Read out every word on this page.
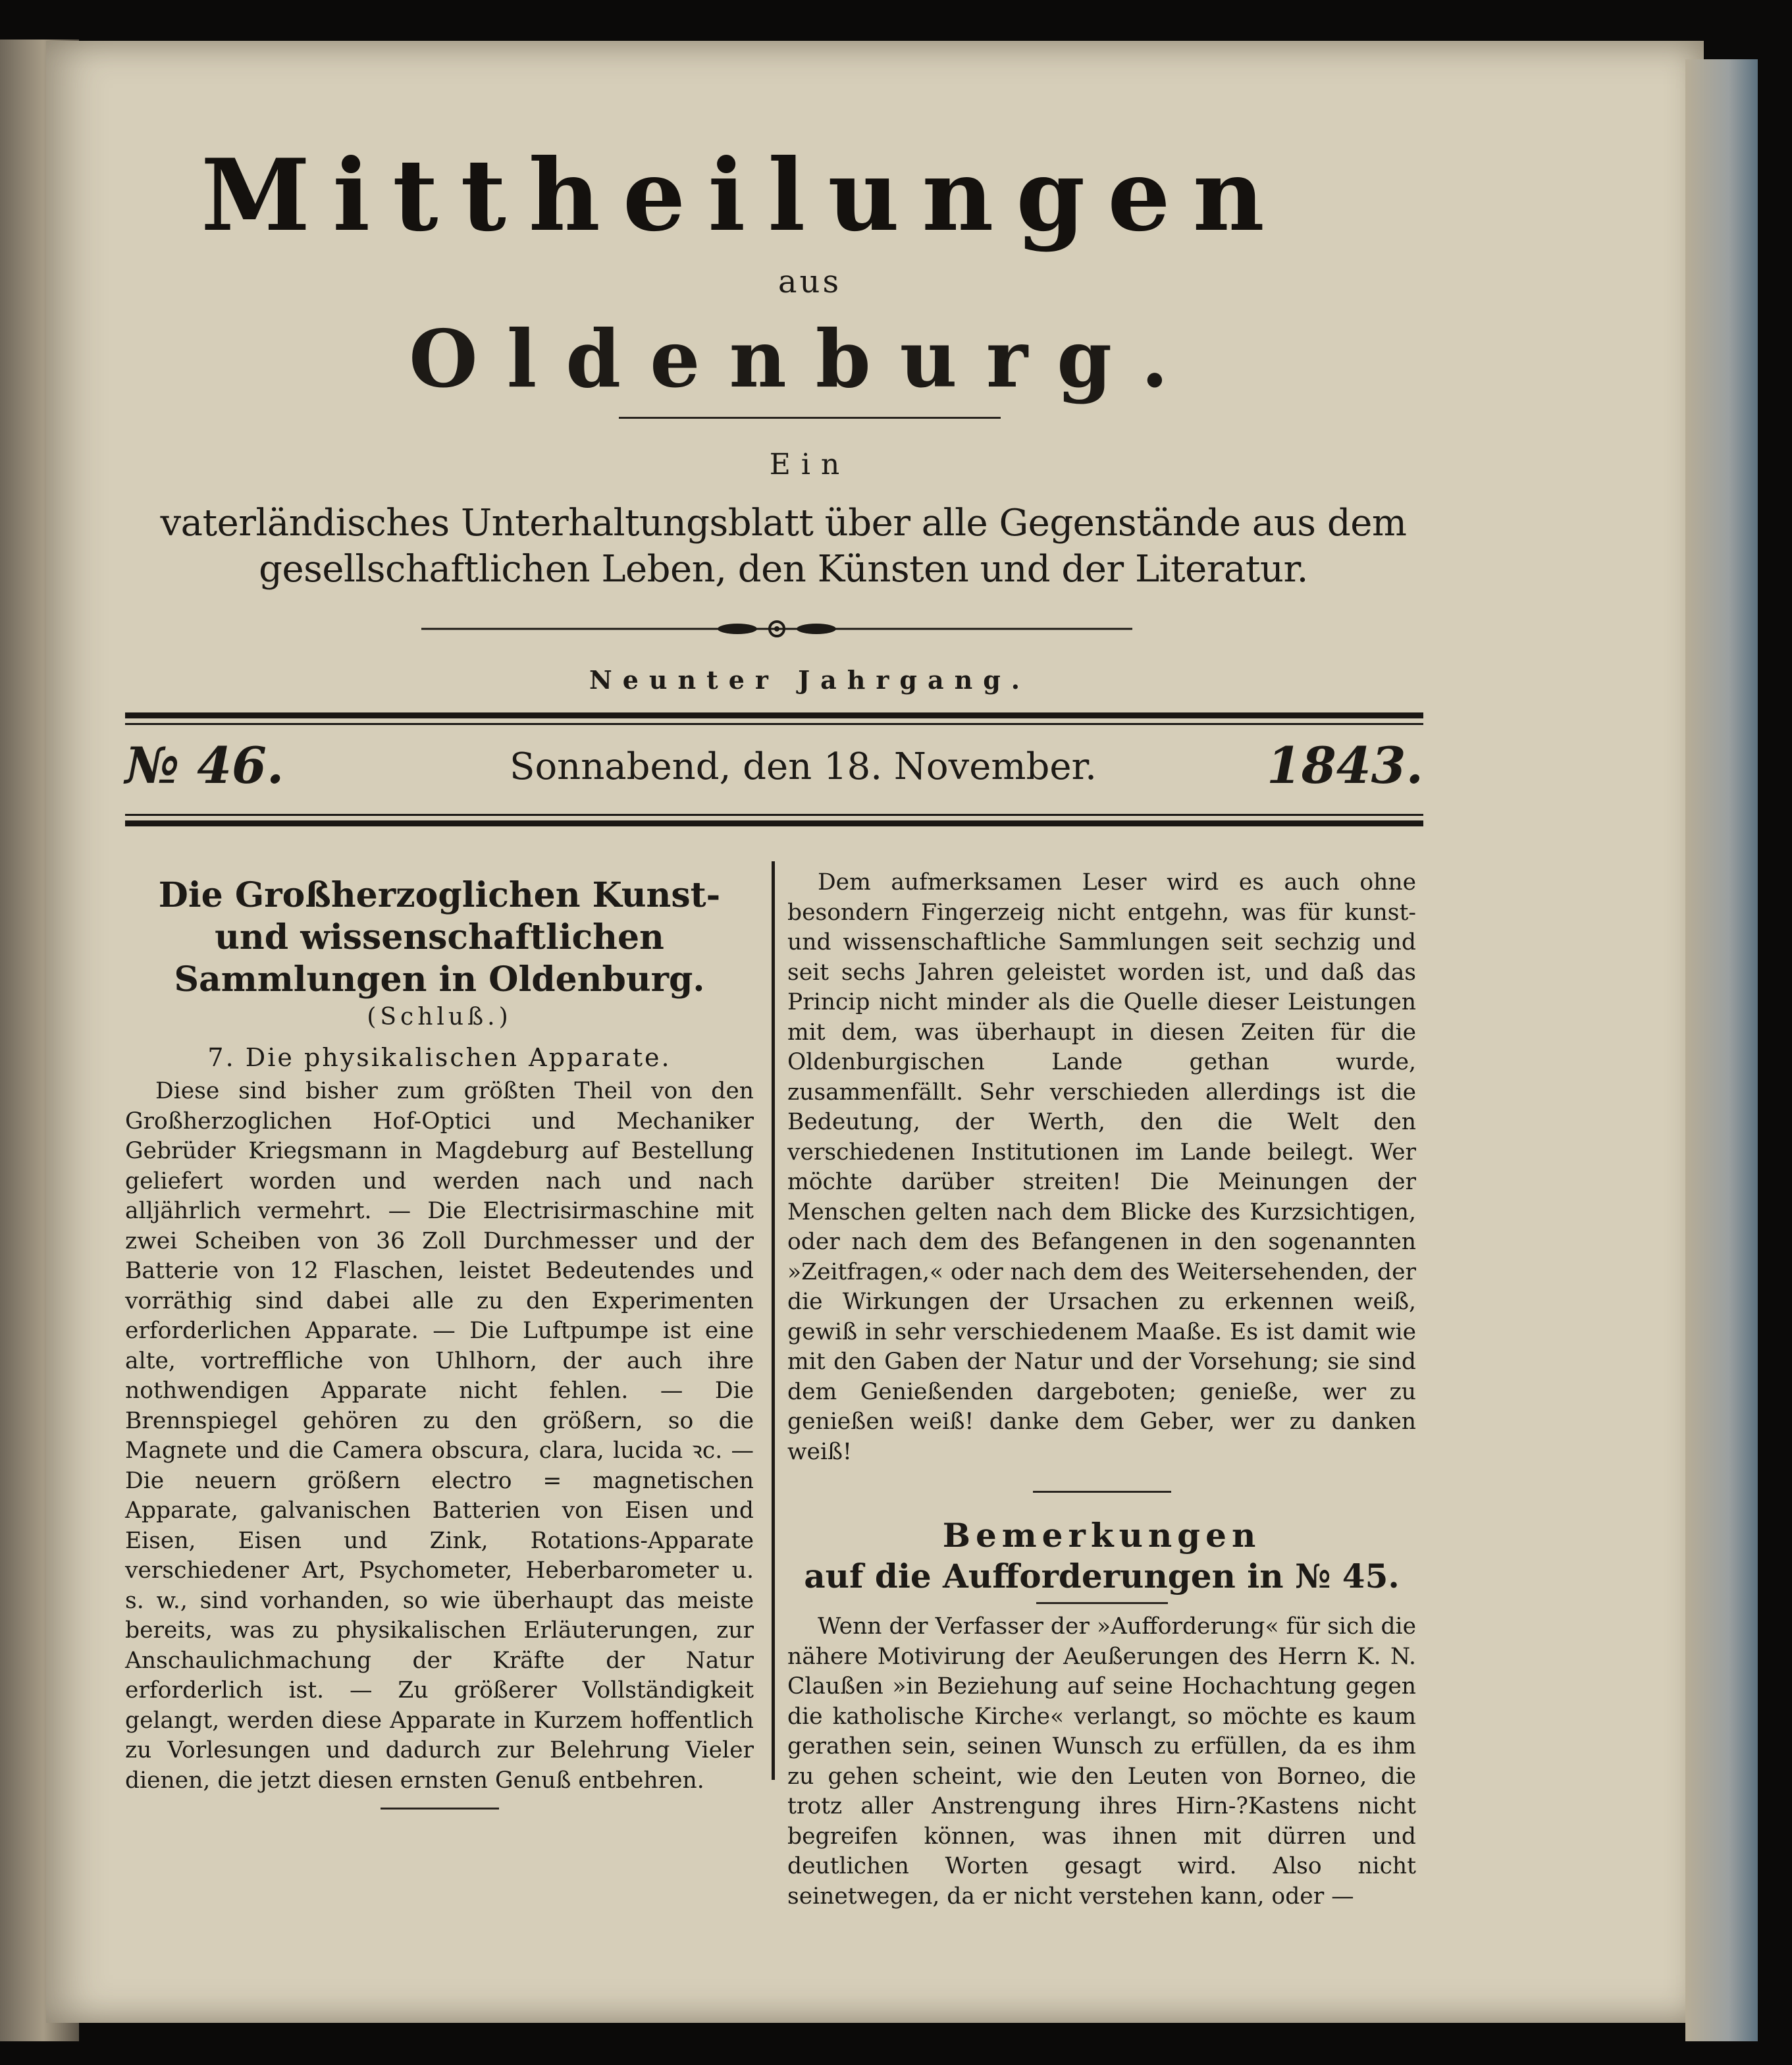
Mittheilungen
aus
Oldenburg.
Ein
vaterländisches Unterhaltungsblatt über alle Gegenstände aus dem gesellschaftlichen Leben, den Künsten und der Literatur.
Neunter Jahrgang.
№ 46.	Sonnabend, den 18. November.	1843.
Die Großherzoglichen Kunst- und wissenschaftlichen Sammlungen in Oldenburg.
(Schluß.)
7. Die physikalischen Apparate.

Diese sind bisher zum größten Theil von den Großherzoglichen Hof-Optici und Mechaniker Gebrüder Kriegsmann in Magdeburg auf Bestellung geliefert worden und werden nach und nach alljährlich vermehrt. — Die Electrisirmaschine mit zwei Scheiben von 36 Zoll Durchmesser und der Batterie von 12 Flaschen, leistet Bedeutendes und vorräthig sind dabei alle zu den Experimenten erforderlichen Apparate. — Die Luftpumpe ist eine alte, vortreffliche von Uhlhorn, der auch ihre nothwendigen Apparate nicht fehlen. — Die Brennspiegel gehören zu den größern, so die Magnete und die Camera obscura, clara, lucida ꝛc. — Die neuern größern electro = magnetischen Apparate, galvanischen Batterien von Eisen und Eisen, Eisen und Zink, Rotations-Apparate verschiedener Art, Psychometer, Heberbarometer u. s. w., sind vorhanden, so wie überhaupt das meiste bereits, was zu physikalischen Erläuterungen, zur Anschaulichmachung der Kräfte der Natur erforderlich ist. — Zu größerer Vollständigkeit gelangt, werden diese Apparate in Kurzem hoffentlich zu Vorlesungen und dadurch zur Belehrung Vieler dienen, die jetzt diesen ernsten Genuß entbehren.

Dem aufmerksamen Leser wird es auch ohne besondern Fingerzeig nicht entgehn, was für kunst- und wissenschaftliche Sammlungen seit sechzig und seit sechs Jahren geleistet worden ist, und daß das Princip nicht minder als die Quelle dieser Leistungen mit dem, was überhaupt in diesen Zeiten für die Oldenburgischen Lande gethan wurde, zusammenfällt. Sehr verschieden allerdings ist die Bedeutung, der Werth, den die Welt den verschiedenen Institutionen im Lande beilegt. Wer möchte darüber streiten! Die Meinungen der Menschen gelten nach dem Blicke des Kurzsichtigen, oder nach dem des Befangenen in den sogenannten »Zeitfragen,« oder nach dem des Weitersehenden, der die Wirkungen der Ursachen zu erkennen weiß, gewiß in sehr verschiedenem Maaße. Es ist damit wie mit den Gaben der Natur und der Vorsehung; sie sind dem Genießenden dargeboten; genieße, wer zu genießen weiß! danke dem Geber, wer zu danken weiß!

Bemerkungen
auf die Aufforderungen in № 45.

Wenn der Verfasser der »Aufforderung« für sich die nähere Motivirung der Aeußerungen des Herrn K. N. Claußen »in Beziehung auf seine Hochachtung gegen die katholische Kirche« verlangt, so möchte es kaum gerathen sein, seinen Wunsch zu erfüllen, da es ihm zu gehen scheint, wie den Leuten von Borneo, die trotz aller Anstrengung ihres Hirn-?Kastens nicht begreifen können, was ihnen mit dürren und deutlichen Worten gesagt wird. Also nicht seinetwegen, da er nicht verstehen kann, oder —
